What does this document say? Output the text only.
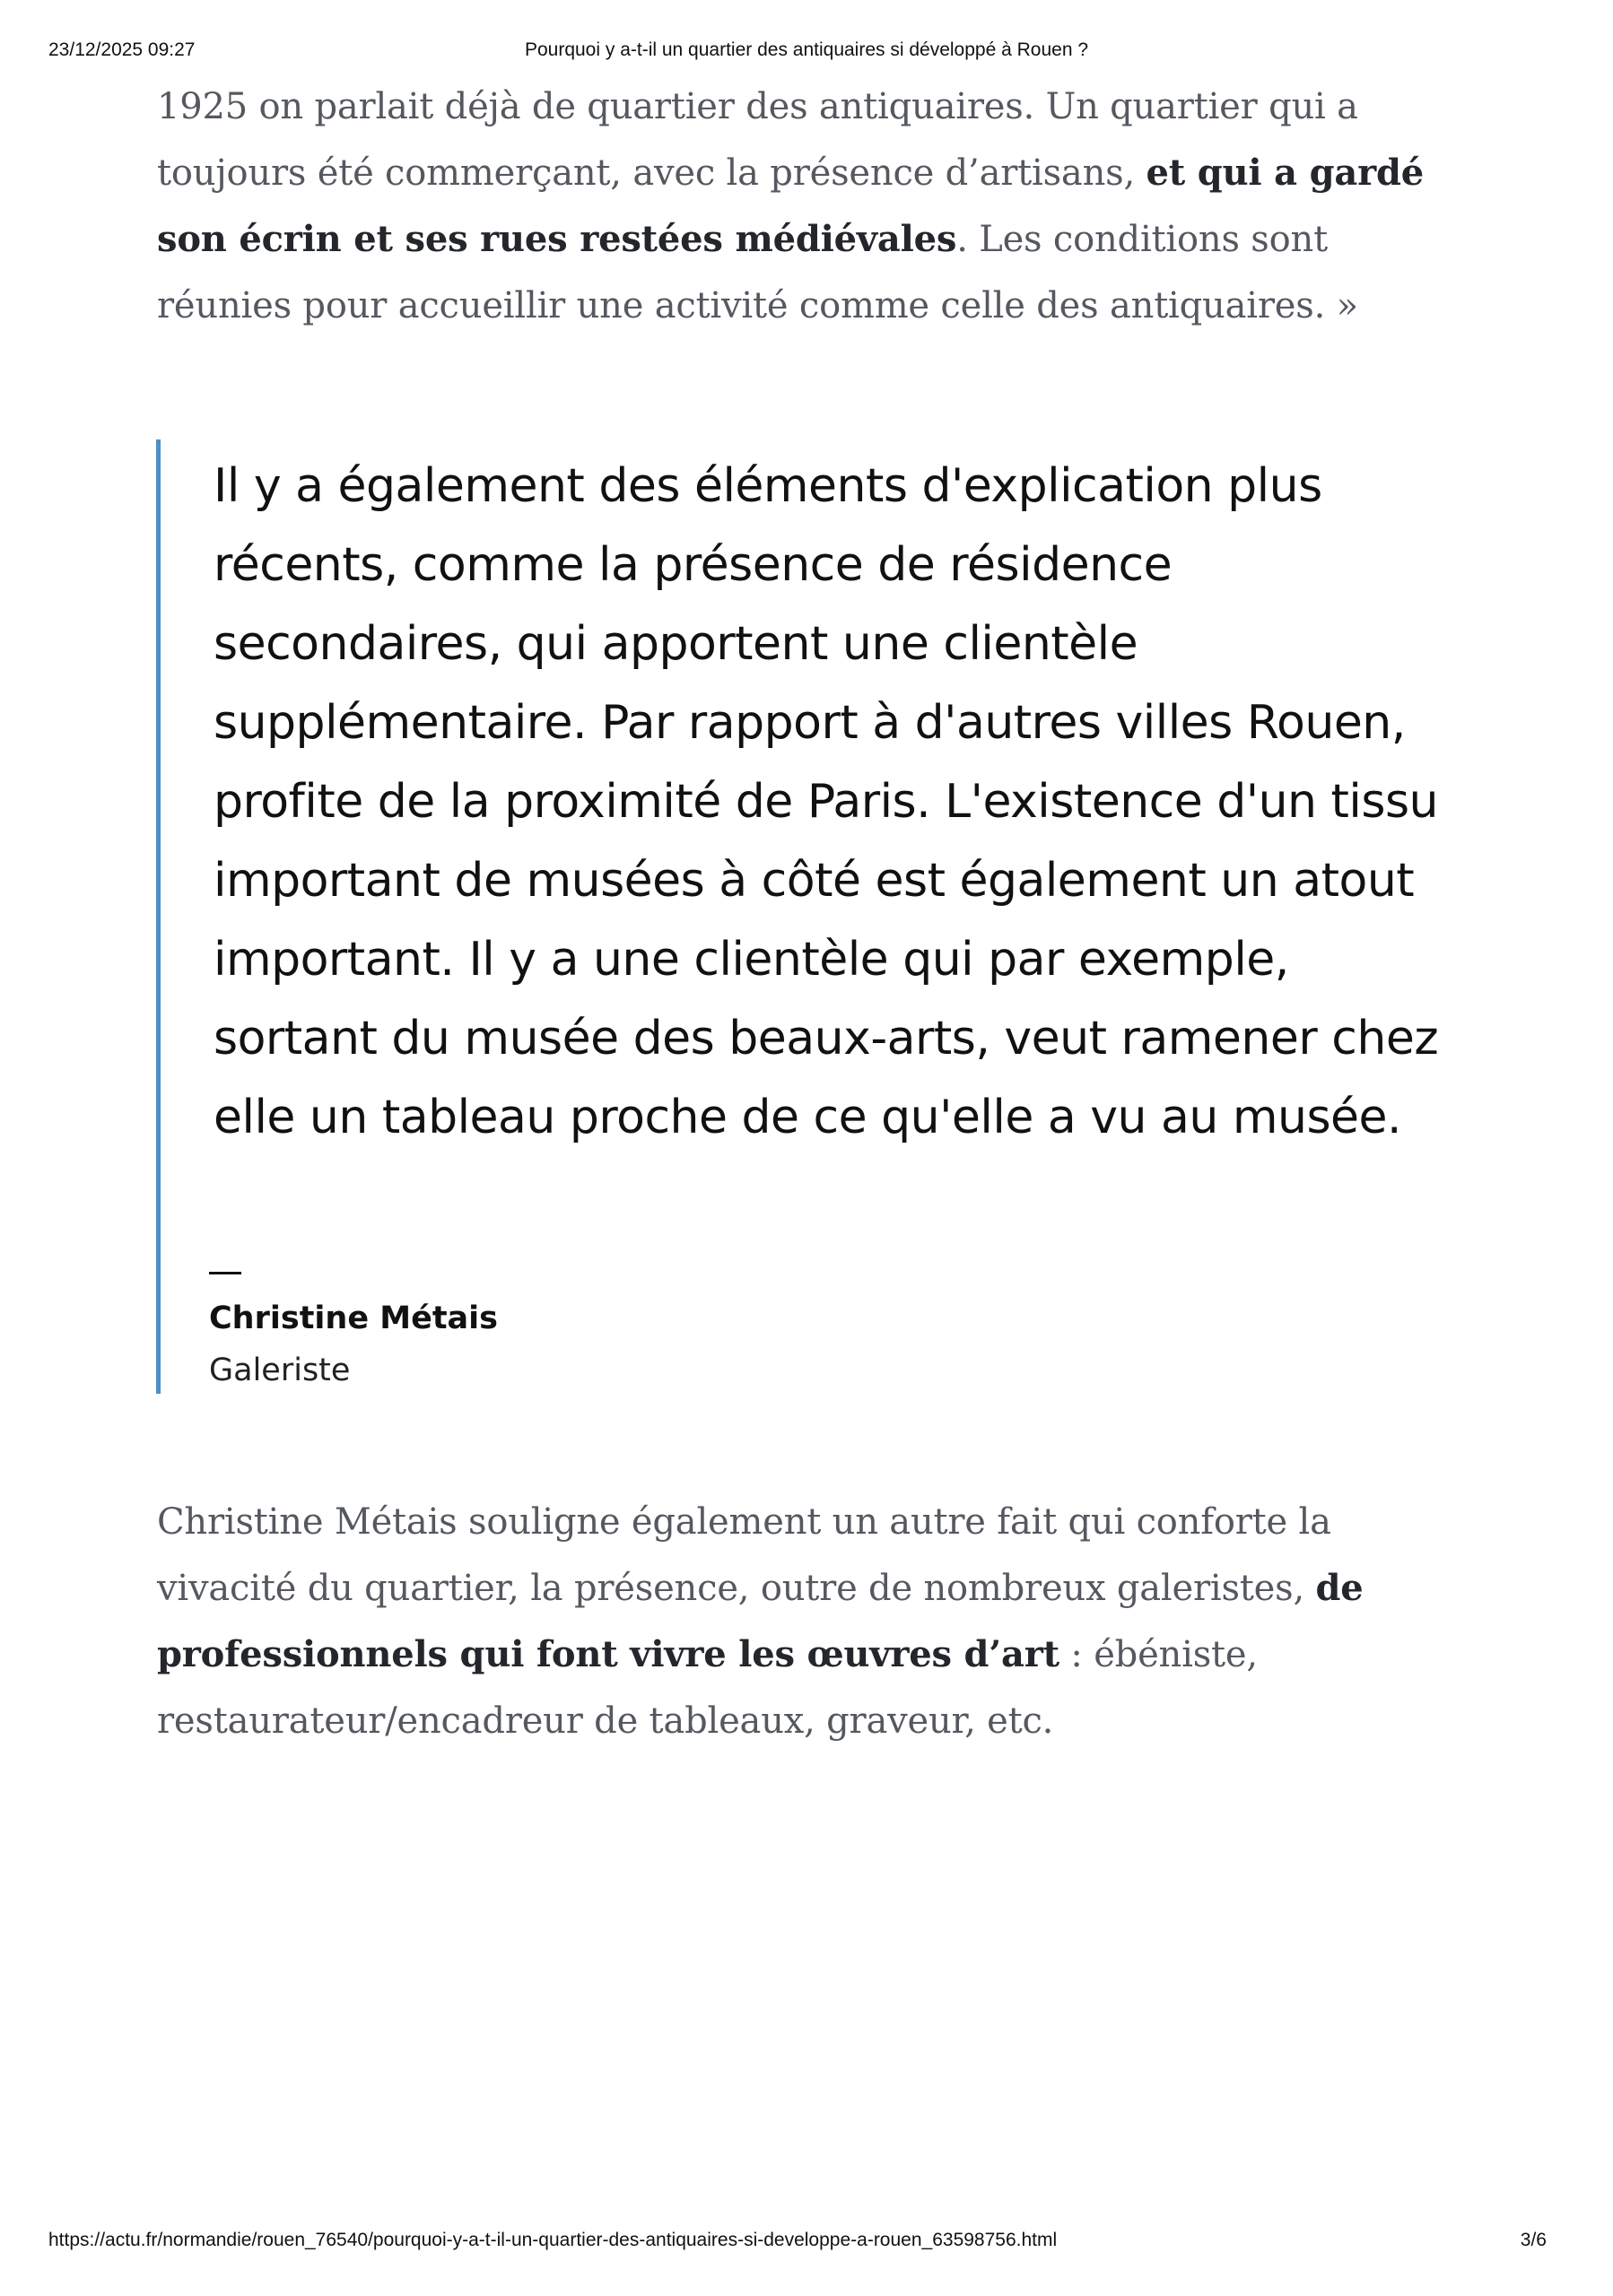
23/12/2025 09:27	Pourquoi y a-t-il un quartier des antiquaires si développé à Rouen ?

1925 on parlait déjà de quartier des antiquaires. Un quartier qui a toujours été commerçant, avec la présence d’artisans, et qui a gardé son écrin et ses rues restées médiévales. Les conditions sont réunies pour accueillir une activité comme celle des antiquaires. »

Il y a également des éléments d'explication plus récents, comme la présence de résidence secondaires, qui apportent une clientèle supplémentaire. Par rapport à d'autres villes Rouen, profite de la proximité de Paris. L'existence d'un tissu important de musées à côté est également un atout important. Il y a une clientèle qui par exemple, sortant du musée des beaux-arts, veut ramener chez elle un tableau proche de ce qu'elle a vu au musée.

Christine Métais
Galeriste

Christine Métais souligne également un autre fait qui conforte la vivacité du quartier, la présence, outre de nombreux galeristes, de professionnels qui font vivre les œuvres d’art : ébéniste, restaurateur/encadreur de tableaux, graveur, etc.

https://actu.fr/normandie/rouen_76540/pourquoi-y-a-t-il-un-quartier-des-antiquaires-si-developpe-a-rouen_63598756.html	3/6
